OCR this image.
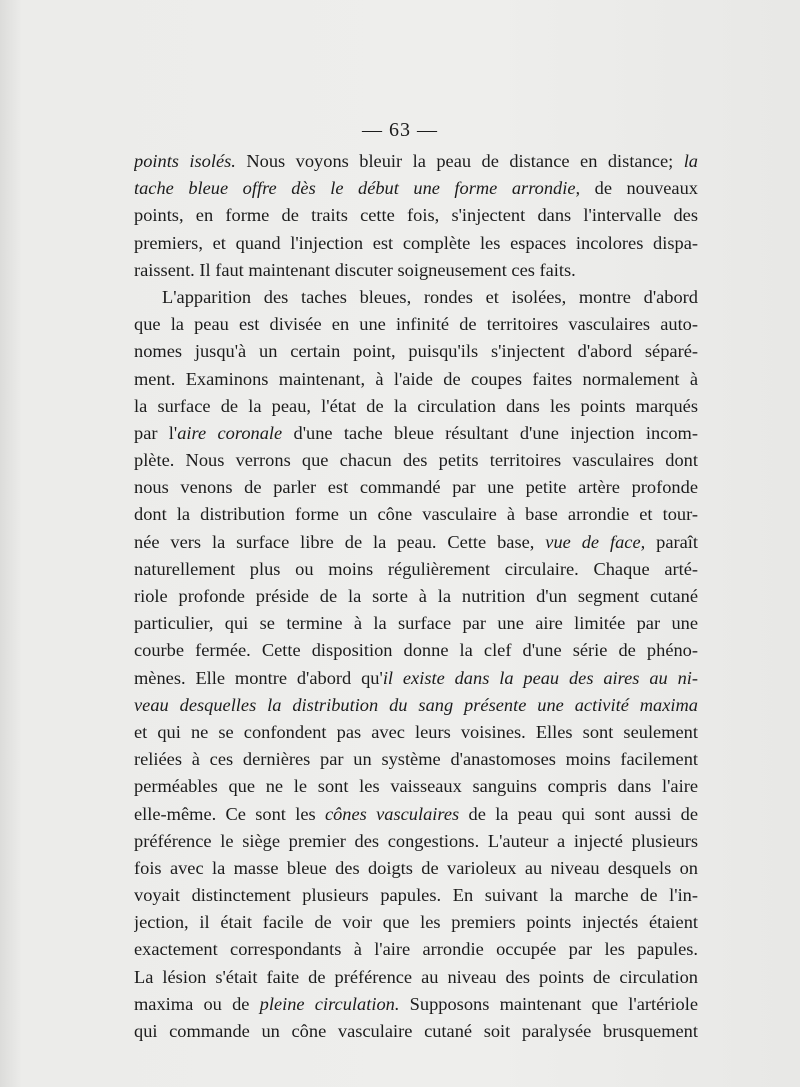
— 63 —
points isolés. Nous voyons bleuir la peau de distance en distance; la
tache bleue offre dès le début une forme arrondie, de nouveaux
points, en forme de traits cette fois, s'injectent dans l'intervalle des
premiers, et quand l'injection est complète les espaces incolores dispa-
raissent. Il faut maintenant discuter soigneusement ces faits.
L'apparition des taches bleues, rondes et isolées, montre d'abord
que la peau est divisée en une infinité de territoires vasculaires auto-
nomes jusqu'à un certain point, puisqu'ils s'injectent d'abord séparé-
ment. Examinons maintenant, à l'aide de coupes faites normalement à
la surface de la peau, l'état de la circulation dans les points marqués
par l'aire coronale d'une tache bleue résultant d'une injection incom-
plète. Nous verrons que chacun des petits territoires vasculaires dont
nous venons de parler est commandé par une petite artère profonde
dont la distribution forme un cône vasculaire à base arrondie et tour-
née vers la surface libre de la peau. Cette base, vue de face, paraît
naturellement plus ou moins régulièrement circulaire. Chaque arté-
riole profonde préside de la sorte à la nutrition d'un segment cutané
particulier, qui se termine à la surface par une aire limitée par une
courbe fermée. Cette disposition donne la clef d'une série de phéno-
mènes. Elle montre d'abord qu'il existe dans la peau des aires au ni-
veau desquelles la distribution du sang présente une activité maxima
et qui ne se confondent pas avec leurs voisines. Elles sont seulement
reliées à ces dernières par un système d'anastomoses moins facilement
perméables que ne le sont les vaisseaux sanguins compris dans l'aire
elle-même. Ce sont les cônes vasculaires de la peau qui sont aussi de
préférence le siège premier des congestions. L'auteur a injecté plusieurs
fois avec la masse bleue des doigts de varioleux au niveau desquels on
voyait distinctement plusieurs papules. En suivant la marche de l'in-
jection, il était facile de voir que les premiers points injectés étaient
exactement correspondants à l'aire arrondie occupée par les papules.
La lésion s'était faite de préférence au niveau des points de circulation
maxima ou de pleine circulation. Supposons maintenant que l'artériole
qui commande un cône vasculaire cutané soit paralysée brusquement
